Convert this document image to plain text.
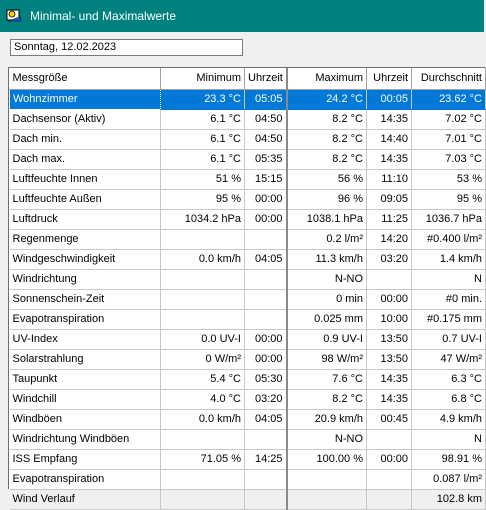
Minimal- und Maximalwerte
Sonntag, 12.02.2023
Messgröße	Minimum	Uhrzeit	Maximum	Uhrzeit	Durchschnitt
Wohnzimmer	23.3 °C	05:05	24.2 °C	00:05	23.62 °C
Dachsensor (Aktiv)	6.1 °C	04:50	8.2 °C	14:35	7.02 °C
Dach min.	6.1 °C	04:50	8.2 °C	14:40	7.01 °C
Dach max.	6.1 °C	05:35	8.2 °C	14:35	7.03 °C
Luftfeuchte Innen	51 %	15:15	56 %	11:10	53 %
Luftfeuchte Außen	95 %	00:00	96 %	09:05	95 %
Luftdruck	1034.2 hPa	00:00	1038.1 hPa	11:25	1036.7 hPa
Regenmenge			0.2 l/m²	14:20	#0.400 l/m²
Windgeschwindigkeit	0.0 km/h	04:05	11.3 km/h	03:20	1.4 km/h
Windrichtung			N-NO		N
Sonnenschein-Zeit			0 min	00:00	#0 min.
Evapotranspiration			0.025 mm	10:00	#0.175 mm
UV-Index	0.0 UV-I	00:00	0.9 UV-I	13:50	0.7 UV-I
Solarstrahlung	0 W/m²	00:00	98 W/m²	13:50	47 W/m²
Taupunkt	5.4 °C	05:30	7.6 °C	14:35	6.3 °C
Windchill	4.0 °C	03:20	8.2 °C	14:35	6.8 °C
Windböen	0.0 km/h	04:05	20.9 km/h	00:45	4.9 km/h
Windrichtung Windböen			N-NO		N
ISS Empfang	71.05 %	14:25	100.00 %	00:00	98.91 %
Evapotranspiration					0.087 l/m²
Wind Verlauf					102.8 km
